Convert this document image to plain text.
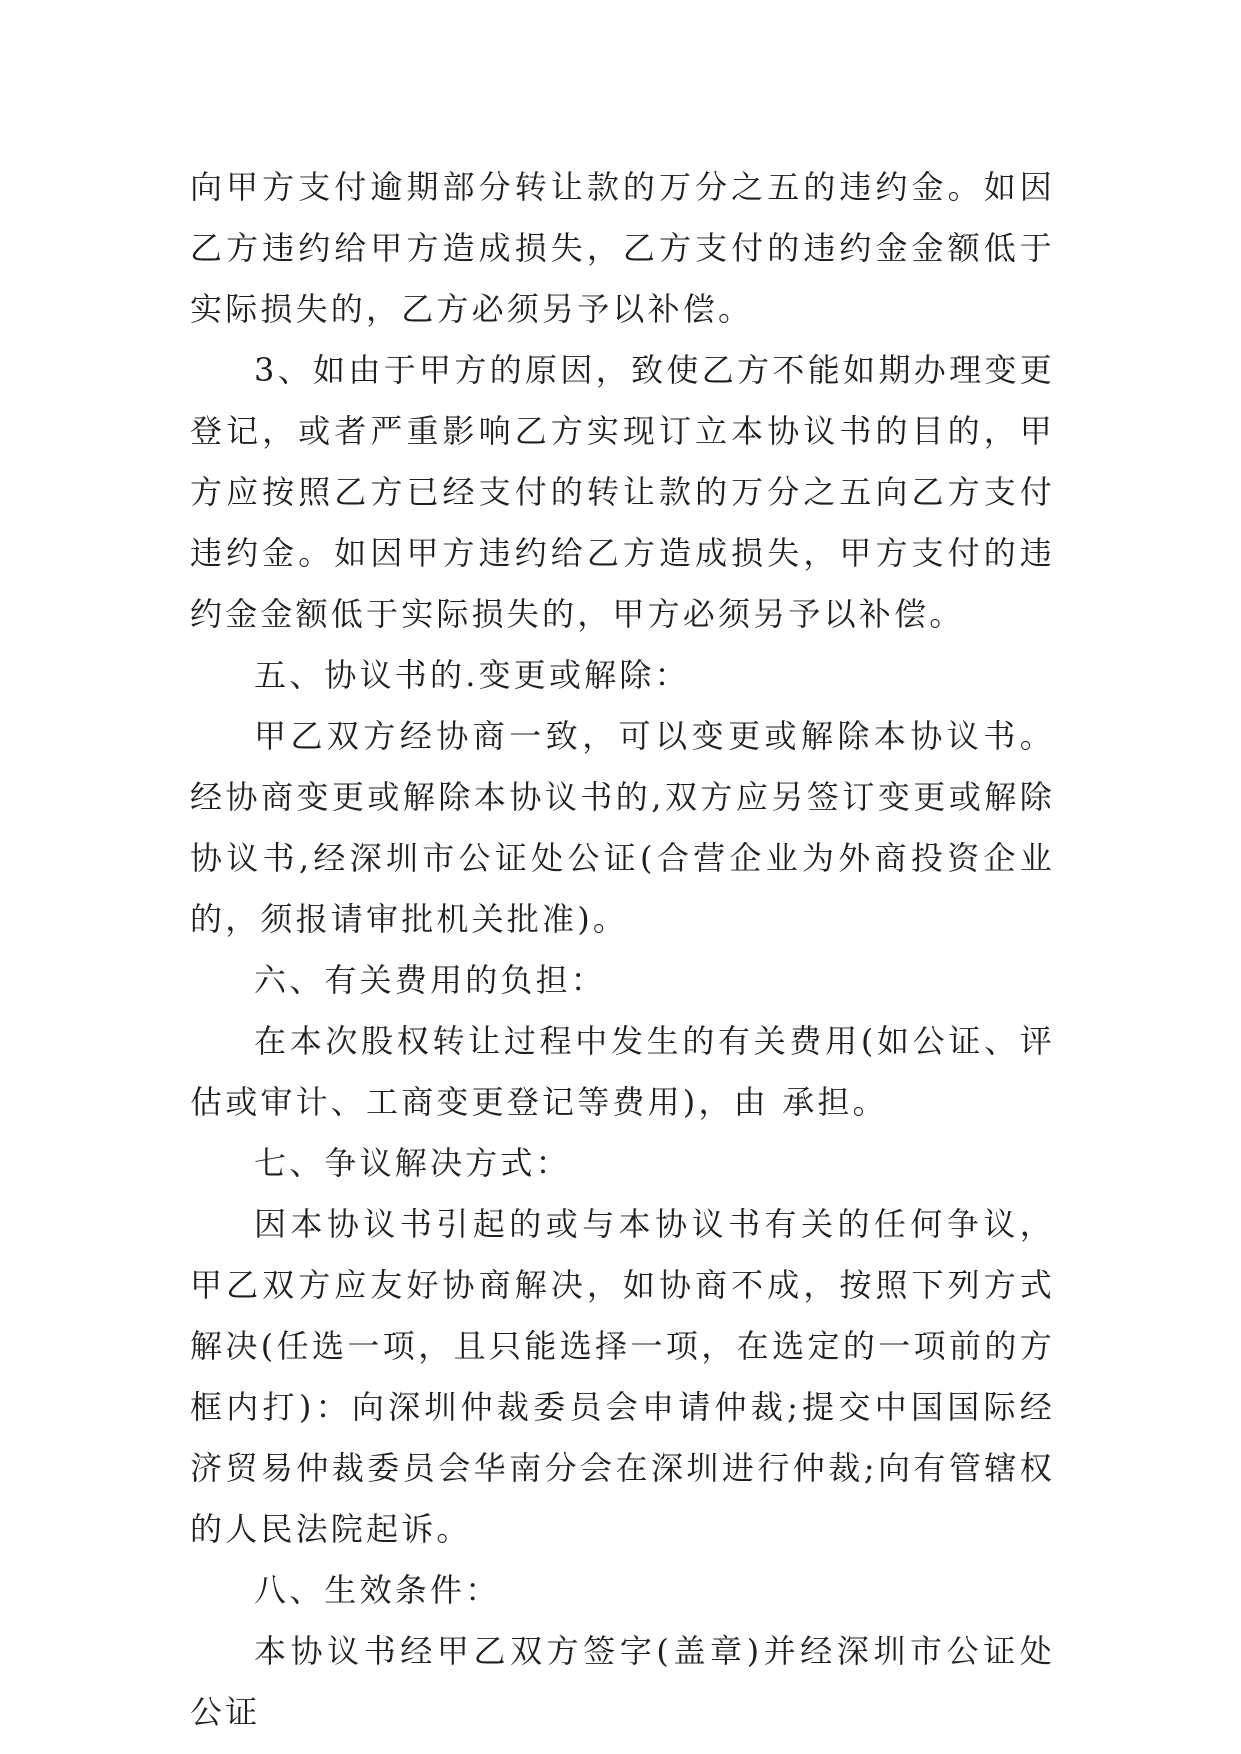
向甲方支付逾期部分转让款的万分之五的违约金。如因乙方违约给甲方造成损失，乙方支付的违约金金额低于实际损失的，乙方必须另予以补偿。

3、如由于甲方的原因，致使乙方不能如期办理变更登记，或者严重影响乙方实现订立本协议书的目的，甲方应按照乙方已经支付的转让款的万分之五向乙方支付违约金。如因甲方违约给乙方造成损失，甲方支付的违约金金额低于实际损失的，甲方必须另予以补偿。

五、协议书的.变更或解除：

甲乙双方经协商一致，可以变更或解除本协议书。经协商变更或解除本协议书的,双方应另签订变更或解除协议书,经深圳市公证处公证(合营企业为外商投资企业的，须报请审批机关批准)。

六、有关费用的负担：

在本次股权转让过程中发生的有关费用(如公证、评估或审计、工商变更登记等费用)，由 承担。

七、争议解决方式：

因本协议书引起的或与本协议书有关的任何争议，甲乙双方应友好协商解决，如协商不成，按照下列方式解决(任选一项，且只能选择一项，在选定的一项前的方框内打)：向深圳仲裁委员会申请仲裁;提交中国国际经济贸易仲裁委员会华南分会在深圳进行仲裁;向有管辖权的人民法院起诉。

八、生效条件：

本协议书经甲乙双方签字(盖章)并经深圳市公证处公证
